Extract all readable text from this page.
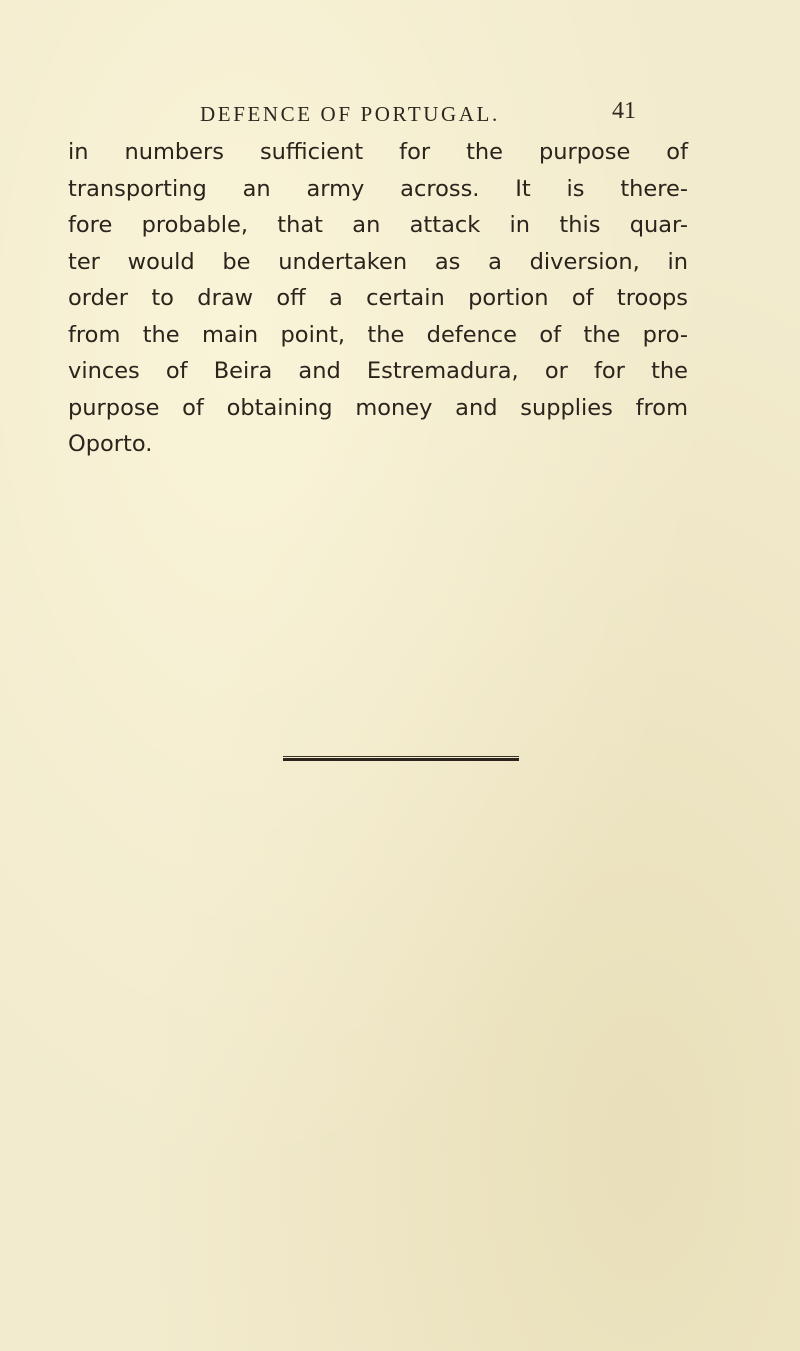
DEFENCE OF PORTUGAL.	41

in numbers sufficient for the purpose of
transporting an army across. It is there-
fore probable, that an attack in this quar-
ter would be undertaken as a diversion, in
order to draw off a certain portion of troops
from the main point, the defence of the pro-
vinces of Beira and Estremadura, or for the
purpose of obtaining money and supplies from
Oporto.
